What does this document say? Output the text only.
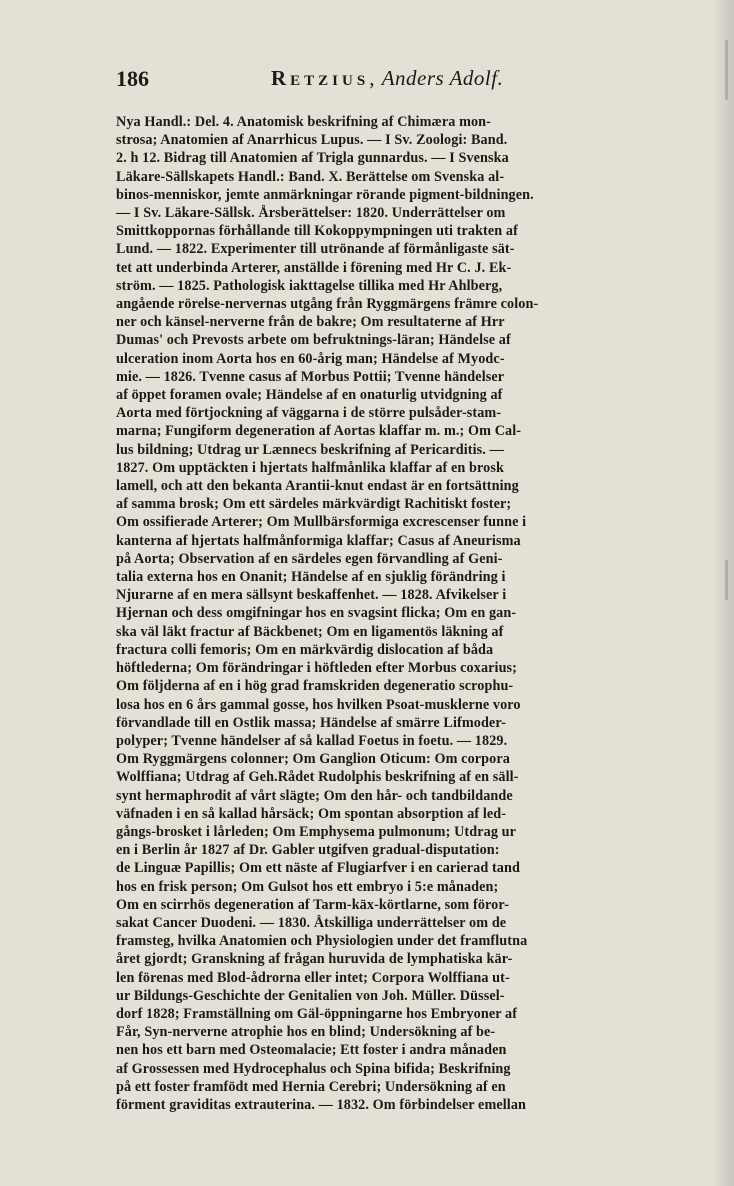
186	Retzius, Anders Adolf.
Nya Handl.: Del. 4. Anatomisk beskrifning af Chimæra mon-
strosa; Anatomien af Anarrhicus Lupus. — I Sv. Zoologi: Band.
2. h 12. Bidrag till Anatomien af Trigla gunnardus. — I Svenska
Läkare-Sällskapets Handl.: Band. X. Berättelse om Svenska al-
binos-menniskor, jemte anmärkningar rörande pigment-bildningen.
— I Sv. Läkare-Sällsk. Årsberättelser: 1820. Underrättelser om
Smittkoppornas förhållande till Kokoppympningen uti trakten af
Lund. — 1822. Experimenter till utrönande af förmånligaste sät-
tet att underbinda Arterer, anställde i förening med Hr C. J. Ek-
ström. — 1825. Pathologisk iakttagelse tillika med Hr Ahlberg,
angående rörelse-nervernas utgång från Ryggmärgens främre colon-
ner och känsel-nerverne från de bakre; Om resultaterne af Hrr
Dumas' och Prevosts arbete om befruktnings-läran; Händelse af
ulceration inom Aorta hos en 60-årig man; Händelse af Myodc-
mie. — 1826. Tvenne casus af Morbus Pottii; Tvenne händelser
af öppet foramen ovale; Händelse af en onaturlig utvidgning af
Aorta med förtjockning af väggarna i de större pulsåder-stam-
marna; Fungiform degeneration af Aortas klaffar m. m.; Om Cal-
lus bildning; Utdrag ur Lænnecs beskrifning af Pericarditis. —
1827. Om upptäckten i hjertats halfmånlika klaffar af en brosk
lamell, och att den bekanta Arantii-knut endast är en fortsättning
af samma brosk; Om ett särdeles märkvärdigt Rachitiskt foster;
Om ossifierade Arterer; Om Mullbärsformiga excrescenser funne i
kanterna af hjertats halfmånformiga klaffar; Casus af Aneurisma
på Aorta; Observation af en särdeles egen förvandling af Geni-
talia externa hos en Onanit; Händelse af en sjuklig förändring i
Njurarne af en mera sällsynt beskaffenhet. — 1828. Afvikelser i
Hjernan och dess omgifningar hos en svagsint flicka; Om en gan-
ska väl läkt fractur af Bäckbenet; Om en ligamentös läkning af
fractura colli femoris; Om en märkvärdig dislocation af båda
höftlederna; Om förändringar i höftleden efter Morbus coxarius;
Om följderna af en i hög grad framskriden degeneratio scrophu-
losa hos en 6 års gammal gosse, hos hvilken Psoat-musklerne voro
förvandlade till en Ostlik massa; Händelse af smärre Lifmoder-
polyper; Tvenne händelser af så kallad Foetus in foetu. — 1829.
Om Ryggmärgens colonner; Om Ganglion Oticum: Om corpora
Wolffiana; Utdrag af Geh.Rådet Rudolphis beskrifning af en säll-
synt hermaphrodit af vårt slägte; Om den hår- och tandbildande
väfnaden i en så kallad hårsäck; Om spontan absorption af led-
gångs-brosket i lårleden; Om Emphysema pulmonum; Utdrag ur
en i Berlin år 1827 af Dr. Gabler utgifven gradual-disputation:
de Linguæ Papillis; Om ett näste af Flugiarfver i en carierad tand
hos en frisk person; Om Gulsot hos ett embryo i 5:e månaden;
Om en scirrhös degeneration af Tarm-käx-körtlarne, som föror-
sakat Cancer Duodeni. — 1830. Åtskilliga underrättelser om de
framsteg, hvilka Anatomien och Physiologien under det framflutna
året gjordt; Granskning af frågan huruvida de lymphatiska kär-
len förenas med Blod-ådrorna eller intet; Corpora Wolffiana ut-
ur Bildungs-Geschichte der Genitalien von Joh. Müller. Düssel-
dorf 1828; Framställning om Gäl-öppningarne hos Embryoner af
Får, Syn-nerverne atrophie hos en blind; Undersökning af be-
nen hos ett barn med Osteomalacie; Ett foster i andra månaden
af Grossessen med Hydrocephalus och Spina bifida; Beskrifning
på ett foster framfödt med Hernia Cerebri; Undersökning af en
förment graviditas extrauterina. — 1832. Om förbindelser emellan
